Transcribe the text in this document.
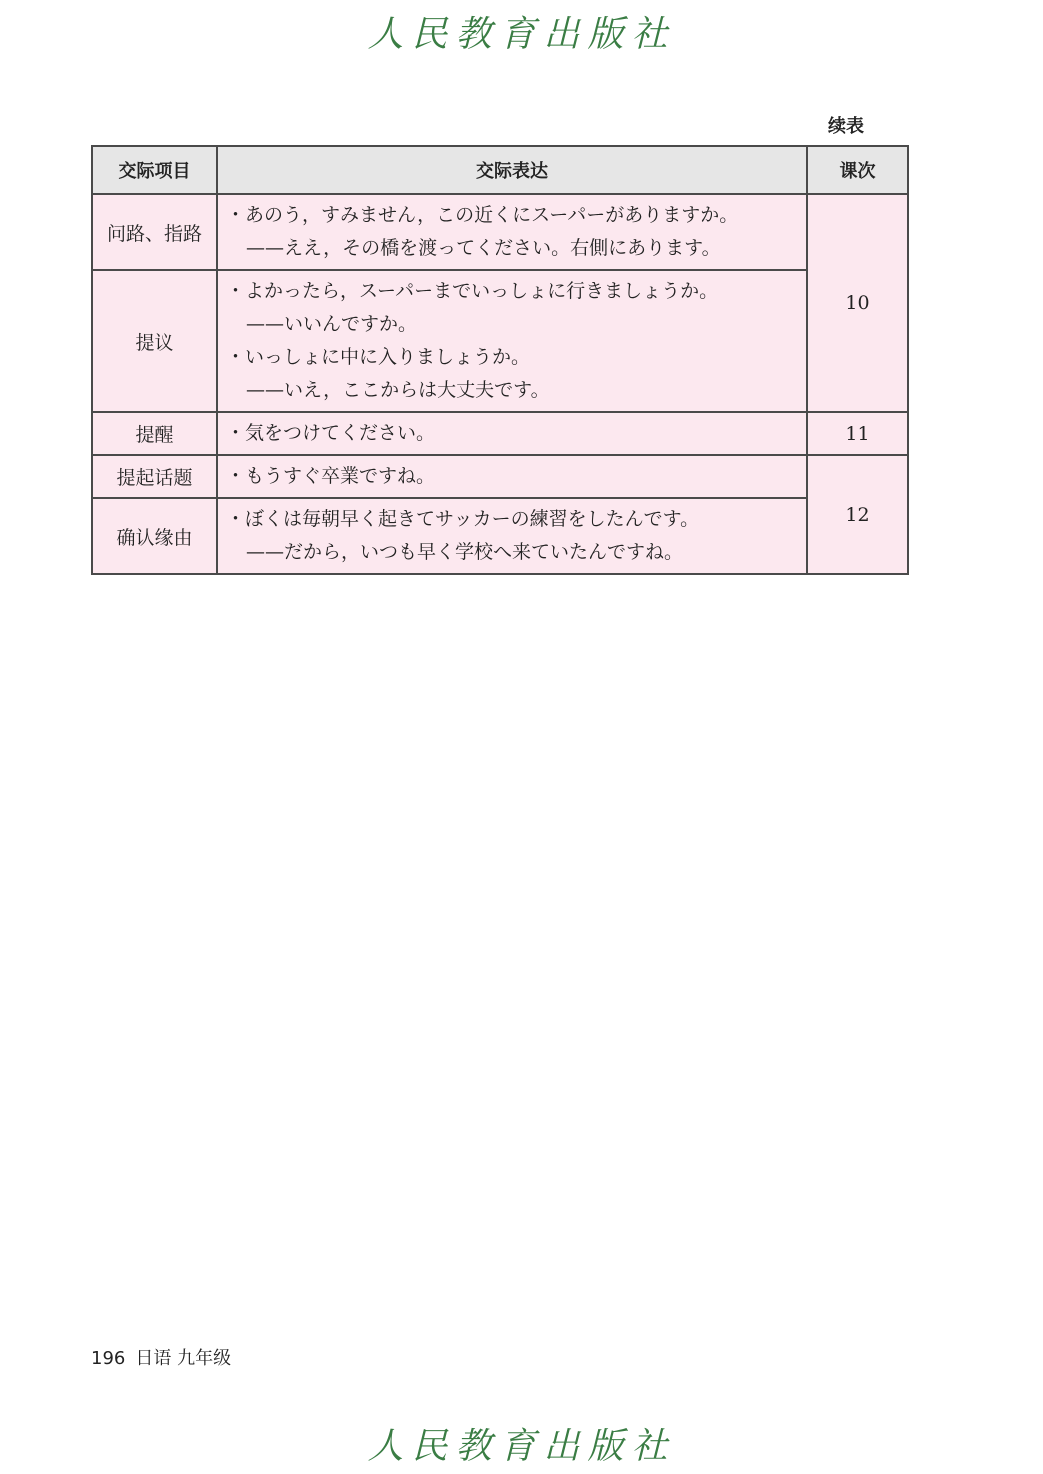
人民教育出版社
续表
交际项目	交际表达	课次
问路、指路	・あのう，すみません，この近くにスーパーがありますか。
——ええ，その橋を渡ってください。右側にあります。	10
提议	・よかったら，スーパーまでいっしょに行きましょうか。
——いいんですか。
・いっしょに中に入りましょうか。
——いえ，ここからは大丈夫です。	

提醒	・気をつけてください。	11
提起话题	・もうすぐ卒業ですね。	12
确认缘由	・ぼくは毎朝早く起きてサッカーの練習をしたんです。
——だから，いつも早く学校へ来ていたんですね。	
196 日语 九年级
人民教育出版社
